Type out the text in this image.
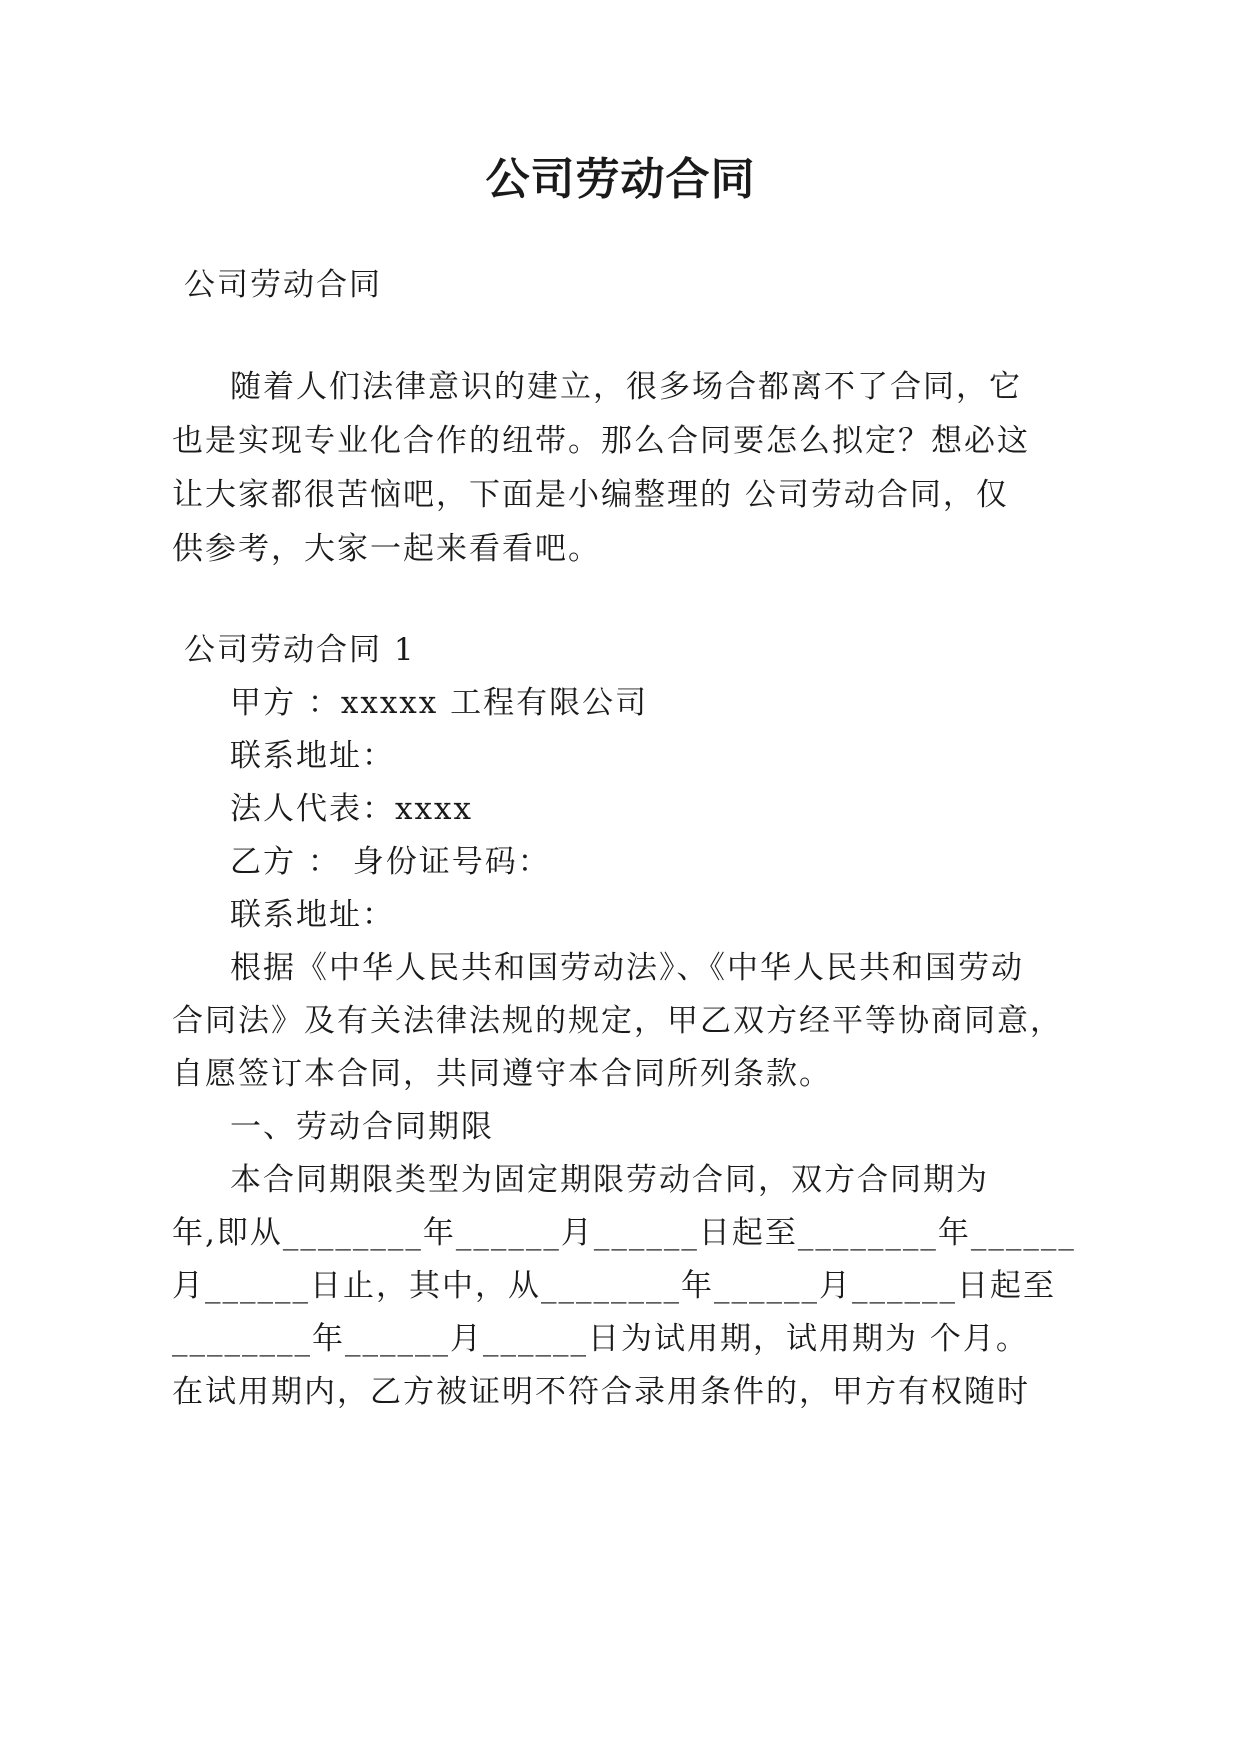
公司劳动合同
公司劳动合同
随着人们法律意识的建立，很多场合都离不了合同，它
也是实现专业化合作的纽带。那么合同要怎么拟定？想必这
让大家都很苦恼吧，下面是小编整理的 公司劳动合同，仅
供参考，大家一起来看看吧。
公司劳动合同 1
甲方 ：xxxxx 工程有限公司
联系地址：
法人代表：xxxx
乙方 ： 身份证号码：
联系地址：
根据《中华人民共和国劳动法》、《中华人民共和国劳动
合同法》及有关法律法规的规定，甲乙双方经平等协商同意，
自愿签订本合同，共同遵守本合同所列条款。
一、劳动合同期限
本合同期限类型为固定期限劳动合同，双方合同期为
年,即从________年______月______日起至________年______
月______日止，其中，从________年______月______日起至
________年______月______日为试用期，试用期为 个月。
在试用期内，乙方被证明不符合录用条件的，甲方有权随时
